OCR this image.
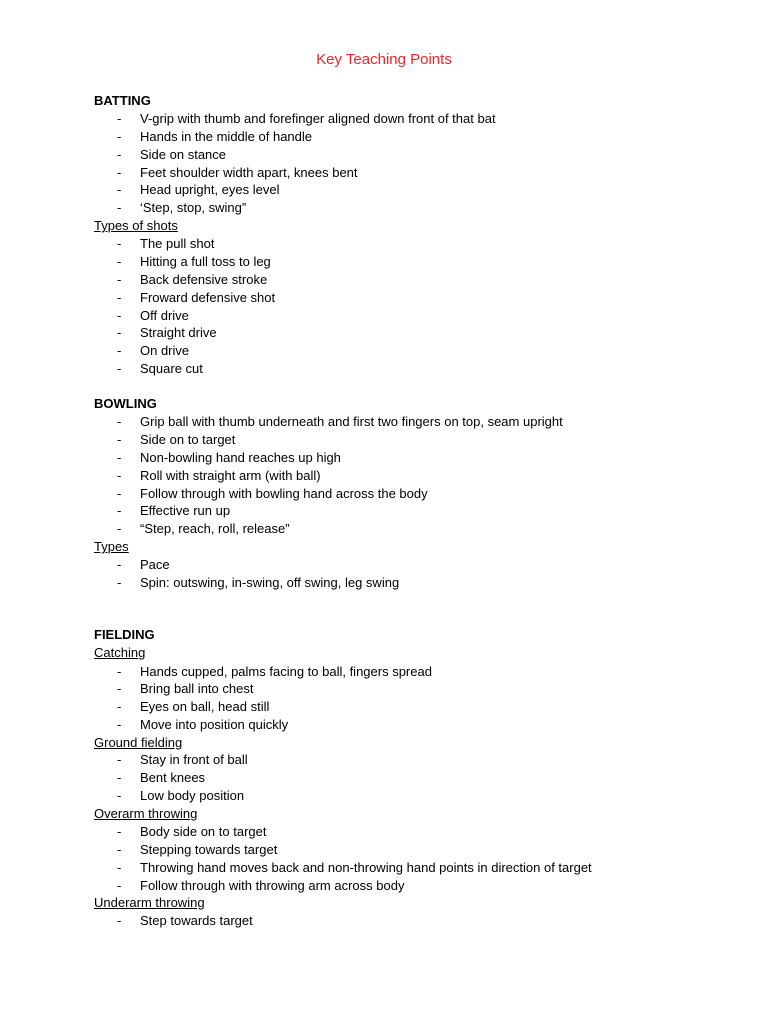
Key Teaching Points
BATTING
- V-grip with thumb and forefinger aligned down front of that bat
- Hands in the middle of handle
- Side on stance
- Feet shoulder width apart, knees bent
- Head upright, eyes level
- ‘Step, stop, swing”
Types of shots
- The pull shot
- Hitting a full toss to leg
- Back defensive stroke
- Froward defensive shot
- Off drive
- Straight drive
- On drive
- Square cut
BOWLING
- Grip ball with thumb underneath and first two fingers on top, seam upright
- Side on to target
- Non-bowling hand reaches up high
- Roll with straight arm (with ball)
- Follow through with bowling hand across the body
- Effective run up
- “Step, reach, roll, release”
Types
- Pace
- Spin: outswing, in-swing, off swing, leg swing
FIELDING
Catching
- Hands cupped, palms facing to ball, fingers spread
- Bring ball into chest
- Eyes on ball, head still
- Move into position quickly
Ground fielding
- Stay in front of ball
- Bent knees
- Low body position
Overarm throwing
- Body side on to target
- Stepping towards target
- Throwing hand moves back and non-throwing hand points in direction of target
- Follow through with throwing arm across body
Underarm throwing
- Step towards target
